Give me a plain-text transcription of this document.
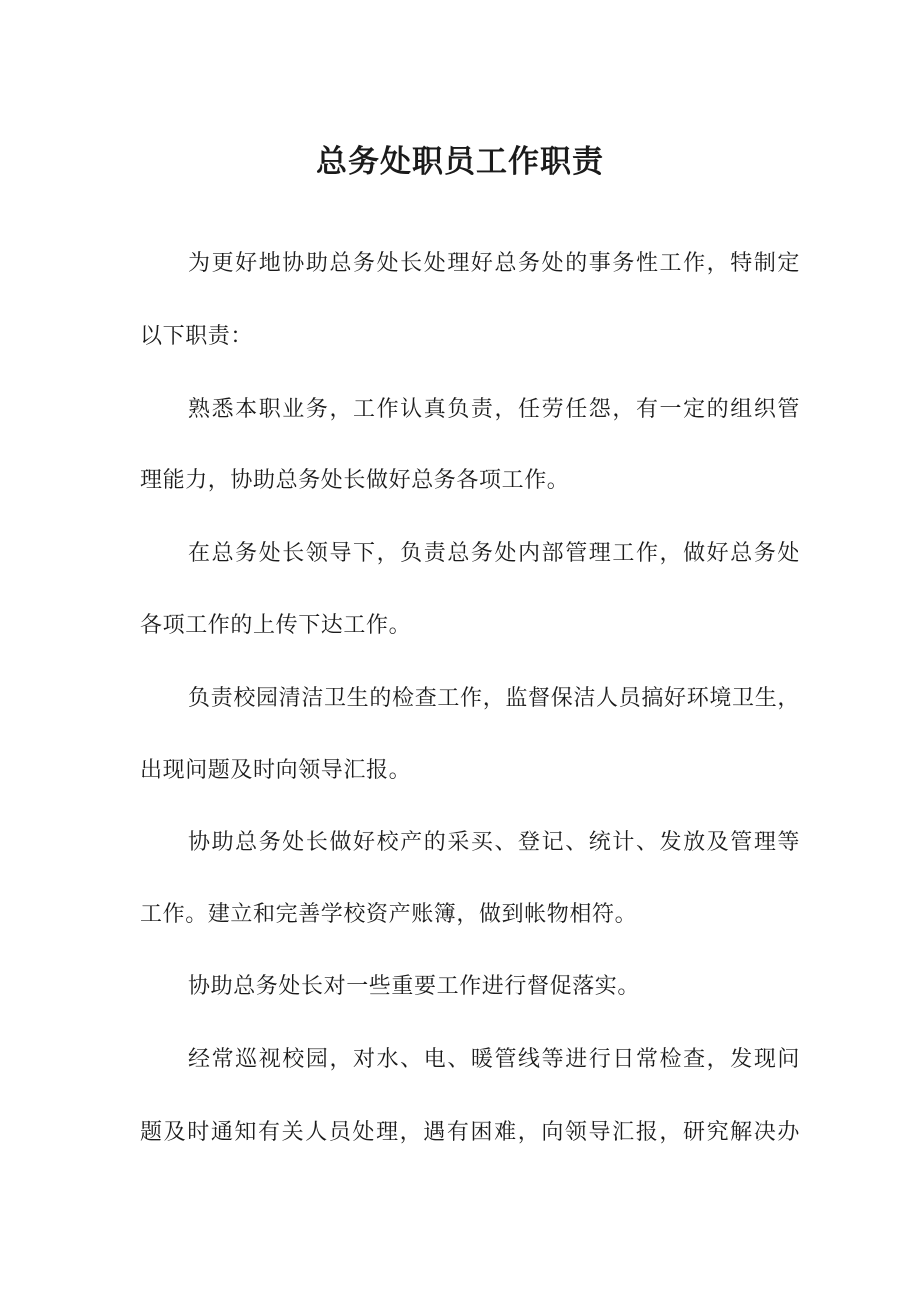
总务处职员工作职责

为更好地协助总务处长处理好总务处的事务性工作，特制定

以下职责：

熟悉本职业务，工作认真负责，任劳任怨，有一定的组织管

理能力，协助总务处长做好总务各项工作。

在总务处长领导下，负责总务处内部管理工作，做好总务处

各项工作的上传下达工作。

负责校园清洁卫生的检查工作，监督保洁人员搞好环境卫生，

出现问题及时向领导汇报。

协助总务处长做好校产的采买、登记、统计、发放及管理等

工作。建立和完善学校资产账簿，做到帐物相符。

协助总务处长对一些重要工作进行督促落实。

经常巡视校园，对水、电、暖管线等进行日常检查，发现问

题及时通知有关人员处理，遇有困难，向领导汇报，研究解决办
